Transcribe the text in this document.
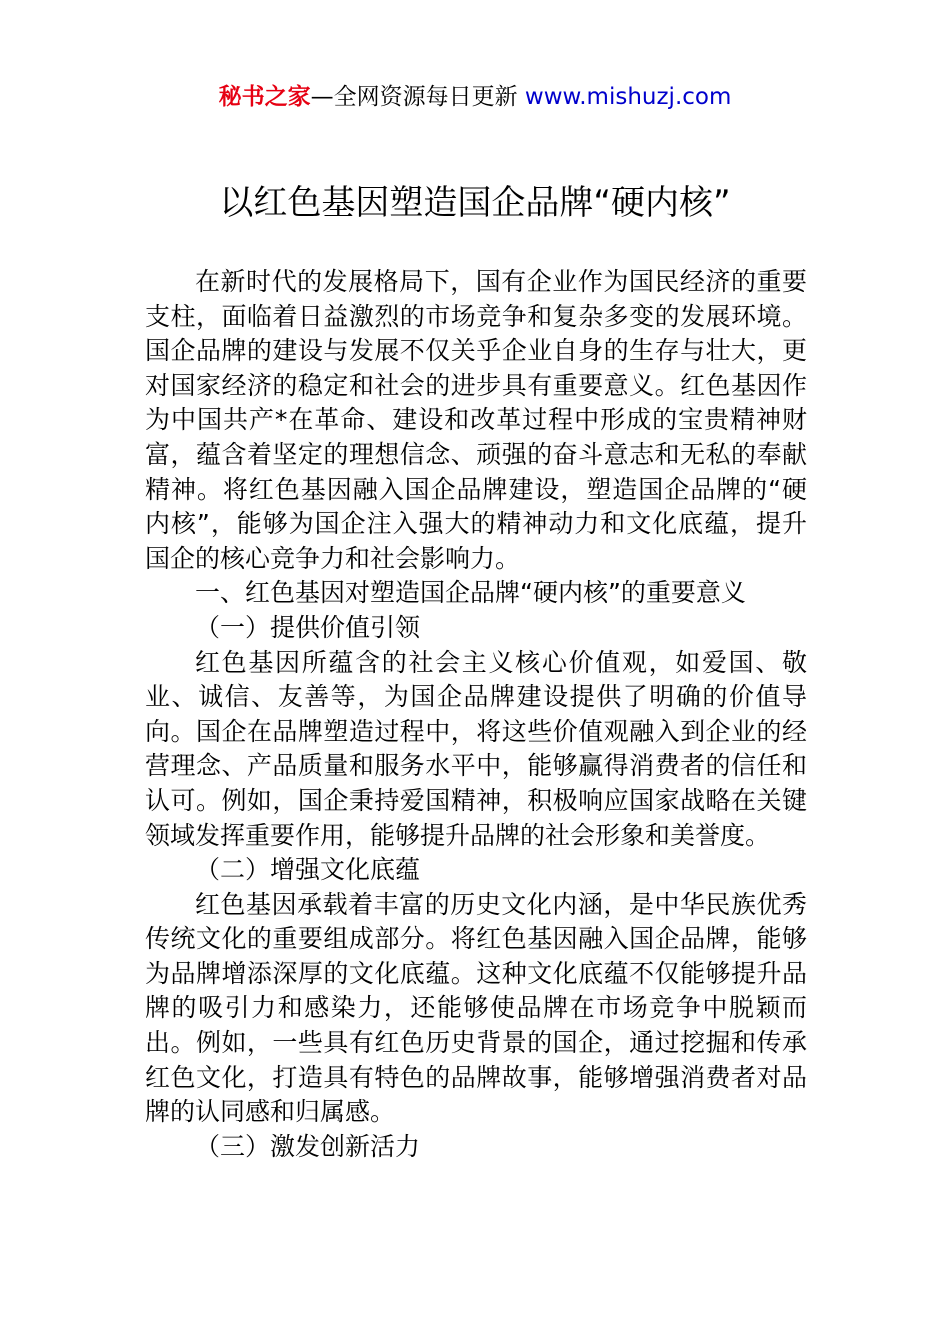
秘书之家—全网资源每日更新 www.mishuzj.com
以红色基因塑造国企品牌“硬内核”

在新时代的发展格局下，国有企业作为国民经济的重要支柱，面临着日益激烈的市场竞争和复杂多变的发展环境。国企品牌的建设与发展不仅关乎企业自身的生存与壮大，更对国家经济的稳定和社会的进步具有重要意义。红色基因作为中国共产*在革命、建设和改革过程中形成的宝贵精神财富，蕴含着坚定的理想信念、顽强的奋斗意志和无私的奉献精神。将红色基因融入国企品牌建设，塑造国企品牌的“硬内核”，能够为国企注入强大的精神动力和文化底蕴，提升国企的核心竞争力和社会影响力。

一、红色基因对塑造国企品牌“硬内核”的重要意义

（一）提供价值引领

红色基因所蕴含的社会主义核心价值观，如爱国、敬业、诚信、友善等，为国企品牌建设提供了明确的价值导向。国企在品牌塑造过程中，将这些价值观融入到企业的经营理念、产品质量和服务水平中，能够赢得消费者的信任和认可。例如，国企秉持爱国精神，积极响应国家战略在关键领域发挥重要作用，能够提升品牌的社会形象和美誉度。

（二）增强文化底蕴

红色基因承载着丰富的历史文化内涵，是中华民族优秀传统文化的重要组成部分。将红色基因融入国企品牌，能够为品牌增添深厚的文化底蕴。这种文化底蕴不仅能够提升品牌的吸引力和感染力，还能够使品牌在市场竞争中脱颖而出。例如，一些具有红色历史背景的国企，通过挖掘和传承红色文化，打造具有特色的品牌故事，能够增强消费者对品牌的认同感和归属感。

（三）激发创新活力
